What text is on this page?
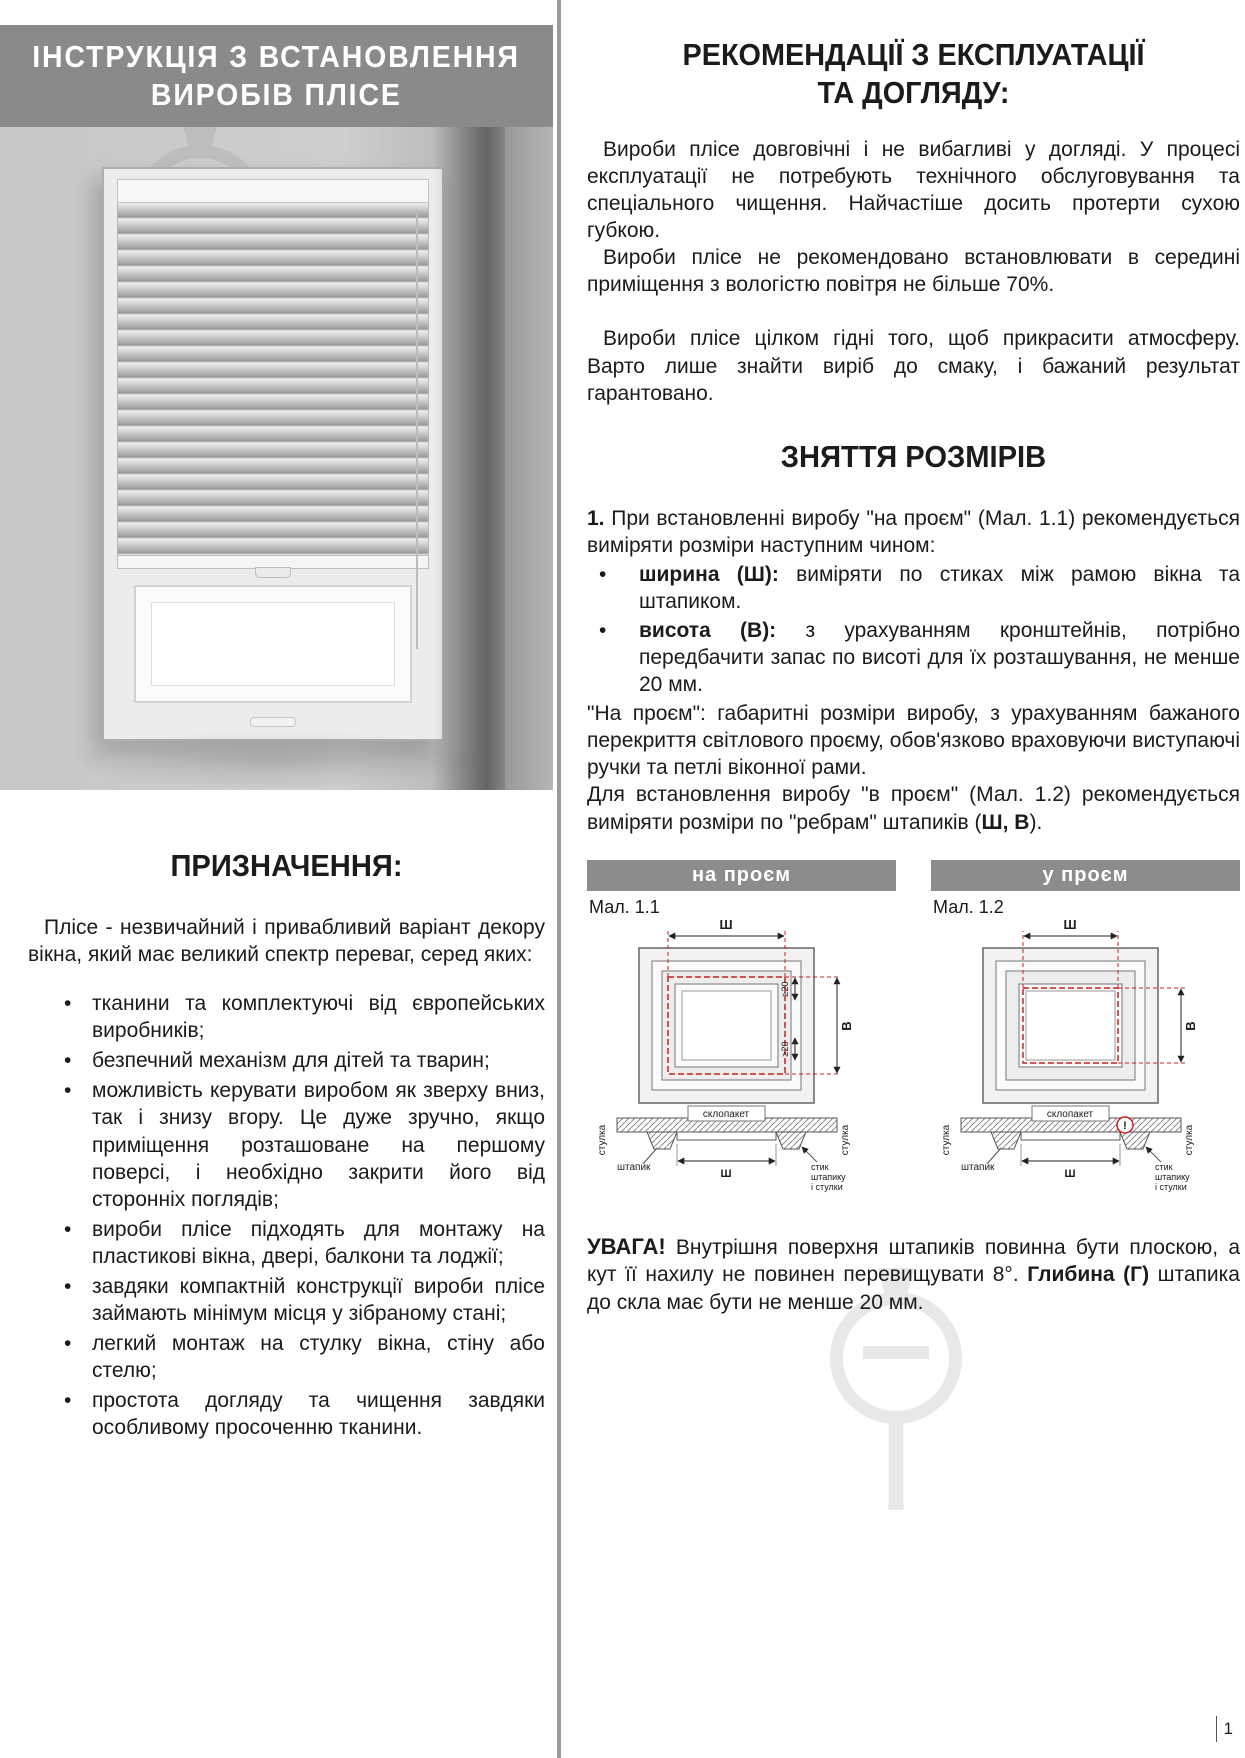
ІНСТРУКЦІЯ З ВСТАНОВЛЕННЯ
ВИРОБІВ ПЛІСЕ
ПРИЗНАЧЕННЯ:

Плісе - незвичайний і привабливий варіант декору вікна, який має великий спектр переваг, серед яких:

• тканини та комплектуючі від європейських виробників;
• безпечний механізм для дітей та тварин;
• можливість керувати виробом як зверху вниз, так і знизу вгору. Це дуже зручно, якщо приміщення розташоване на першому поверсі, і необхідно закрити його від сторонніх поглядів;
• вироби плісе підходять для монтажу на пластикові вікна, двері, балкони та лоджії;
• завдяки компактній конструкції вироби плісе займають мінімум місця у зібраному стані;
• легкий монтаж на стулку вікна, стіну або стелю;
• простота догляду та чищення завдяки особливому просоченню тканини.
РЕКОМЕНДАЦІЇ З ЕКСПЛУАТАЦІЇ
ТА ДОГЛЯДУ:

Вироби плісе довговічні і не вибагливі у догляді. У процесі експлуатації не потребують технічного обслуговування та спеціального чищення. Найчастіше досить протерти сухою губкою.

Вироби плісе не рекомендовано встановлювати в середині приміщення з вологістю повітря не більше 70%.

Вироби плісе цілком гідні того, щоб прикрасити атмосферу. Варто лише знайти виріб до смаку, і бажаний результат гарантовано.

ЗНЯТТЯ РОЗМІРІВ

1. При встановленні виробу "на проєм" (Мал. 1.1) рекомендується виміряти розміри наступним чином:

• ширина (Ш): виміряти по стиках між рамою вікна та штапиком.
• висота (В): з урахуванням кронштейнів, потрібно передбачити запас по висоті для їх розташування, не менше 20 мм.

"На проєм": габаритні розміри виробу, з урахуванням бажаного перекриття світлового проєму, обов'язково враховуючи виступаючі ручки та петлі віконної рами.

Для встановлення виробу "в проєм" (Мал. 1.2) рекомендується виміряти розміри по "ребрам" штапиків (Ш, В).

на проєм
Мал. 1.1
Ш
В
≥20
≥20
склопакет
стулка	стулка
штапик
Ш
стик
штапику
і стулки
у проєм
Мал. 1.2
Ш
В
склопакет
!
стулка	стулка
штапик
Ш
стик
штапику
і стулки

УВАГА! Внутрішня поверхня штапиків повинна бути плоскою, а кут її нахилу не повинен перевищувати 8°. Глибина (Г) штапика до скла має бути не менше 20 мм.

1
